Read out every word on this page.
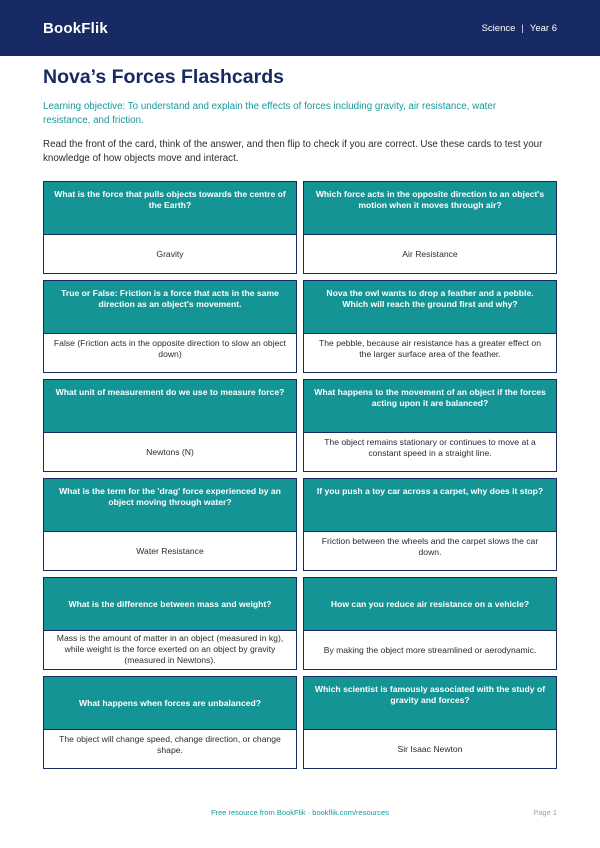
BookFlik	Science | Year 6
Nova’s Forces Flashcards

Learning objective: To understand and explain the effects of forces including gravity, air resistance, water resistance, and friction.

Read the front of the card, think of the answer, and then flip to check if you are correct. Use these cards to test your knowledge of how objects move and interact.

What is the force that pulls objects towards the centre of the Earth?
Gravity
Which force acts in the opposite direction to an object's motion when it moves through air?
Air Resistance
True or False: Friction is a force that acts in the same direction as an object's movement.
False (Friction acts in the opposite direction to slow an object down)
Nova the owl wants to drop a feather and a pebble. Which will reach the ground first and why?
The pebble, because air resistance has a greater effect on the larger surface area of the feather.
What unit of measurement do we use to measure force?
Newtons (N)
What happens to the movement of an object if the forces acting upon it are balanced?
The object remains stationary or continues to move at a constant speed in a straight line.
What is the term for the 'drag' force experienced by an object moving through water?
Water Resistance
If you push a toy car across a carpet, why does it stop?
Friction between the wheels and the carpet slows the car down.
What is the difference between mass and weight?
Mass is the amount of matter in an object (measured in kg), while weight is the force exerted on an object by gravity (measured in Newtons).
How can you reduce air resistance on a vehicle?
By making the object more streamlined or aerodynamic.
What happens when forces are unbalanced?
The object will change speed, change direction, or change shape.
Which scientist is famously associated with the study of gravity and forces?
Sir Isaac Newton
Free resource from BookFlik · bookflik.com/resources	Page 1
